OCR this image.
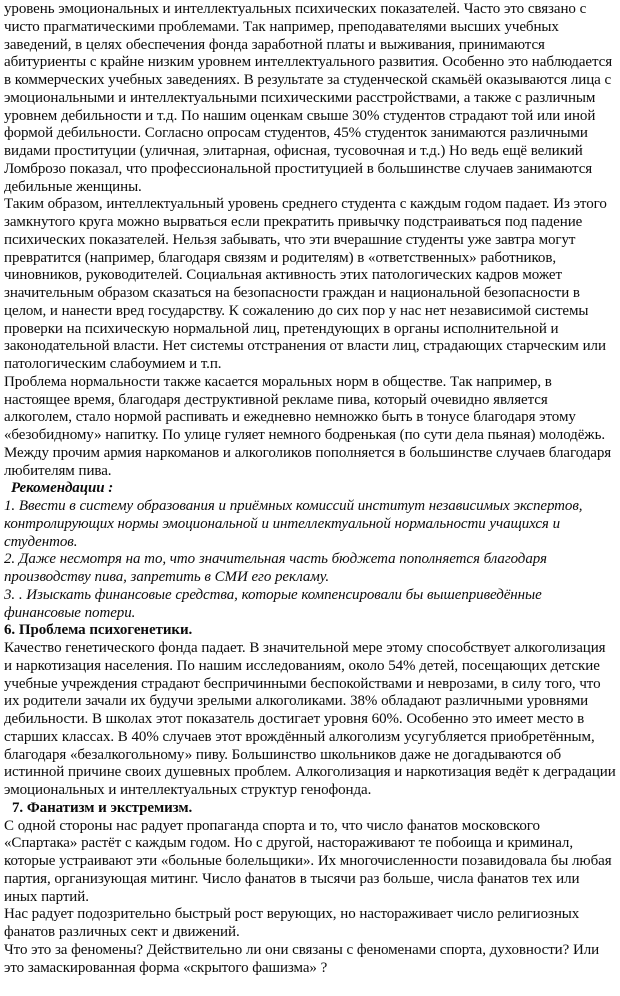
уровень эмоциональных и интеллектуальных психических показателей. Часто это связано с чисто прагматическими проблемами. Так например, преподавателями высших учебных заведений, в целях обеспечения фонда заработной платы и выживания, принимаются абитуриенты с крайне низким уровнем интеллектуального развития. Особенно это наблюдается в коммерческих учебных заведениях. В результате за студенческой скамьёй оказываются лица с эмоциональными и интеллектуальными психическими расстройствами, а также с различным уровнем дебильности и т.д. По нашим оценкам свыше 30% студентов страдают той или иной формой дебильности. Согласно опросам студентов, 45% студенток занимаются различными видами проституции (уличная, элитарная, офисная, тусовочная и т.д.) Но ведь ещё великий Ломброзо показал, что профессиональной проституцией в большинстве случаев занимаются дебильные женщины.

Таким образом, интеллектуальный уровень среднего студента с каждым годом падает. Из этого замкнутого круга можно вырваться если прекратить привычку подстраиваться под падение психических показателей. Нельзя забывать, что эти вчерашние студенты уже завтра могут превратится (например, благодаря связям и родителям) в «ответственных» работников, чиновников, руководителей. Социальная активность этих патологических кадров может значительным образом сказаться на безопасности граждан и национальной безопасности в целом, и нанести вред государству. К сожалению до сих пор у нас нет независимой системы проверки на психическую нормальной лиц, претендующих в органы исполнительной и законодательной власти. Нет системы отстранения от власти лиц, страдающих старческим или патологическим слабоумием и т.п.

Проблема нормальности также касается моральных норм в обществе. Так например, в настоящее время, благодаря деструктивной рекламе пива, который очевидно является алкоголем, стало нормой распивать и ежедневно немножко быть в тонусе благодаря этому «безобидному» напитку. По улице гуляет немного бодренькая (по сути дела пьяная) молодёжь. Между прочим армия наркоманов и алкоголиков пополняется в большинстве случаев благодаря любителям пива.

Рекомендации :

1. Ввести в систему образования и приёмных комиссий институт независимых экспертов, контролирующих нормы эмоциональной и интеллектуальной нормальности учащихся и студентов.

2. Даже несмотря на то, что значительная часть бюджета пополняется благодаря производству пива, запретить в СМИ его рекламу.

3. . Изыскать финансовые средства, которые компенсировали бы вышеприведённые финансовые потери.

6. Проблема психогенетики.

Качество генетического фонда падает. В значительной мере этому способствует алкоголизация и наркотизация населения. По нашим исследованиям, около 54% детей, посещающих детские учебные учреждения страдают беспричинными беспокойствами и неврозами, в силу того, что их родители зачали их будучи зрелыми алкоголиками. 38% обладают различными уровнями дебильности. В школах этот показатель достигает уровня 60%. Особенно это имеет место в старших классах. В 40% случаев этот врождённый алкоголизм усугубляется приобретённым, благодаря «безалкогольному» пиву. Большинство школьников даже не догадываются об истинной причине своих душевных проблем. Алкоголизация и наркотизация ведёт к деградации эмоциональных и интеллектуальных структур генофонда.

7. Фанатизм и экстремизм.

С одной стороны нас радует пропаганда спорта и то, что число фанатов московского «Спартака» растёт с каждым годом. Но с другой, настораживают те побоища и криминал, которые устраивают эти «больные болельщики». Их многочисленности позавидовала бы любая партия, организующая митинг. Число фанатов в тысячи раз больше, числа фанатов тех или иных партий.

Нас радует подозрительно быстрый рост верующих, но настораживает число религиозных фанатов различных сект и движений.

Что это за феномены? Действительно ли они связаны с феноменами спорта, духовности? Или это замаскированная форма «скрытого фашизма» ?
